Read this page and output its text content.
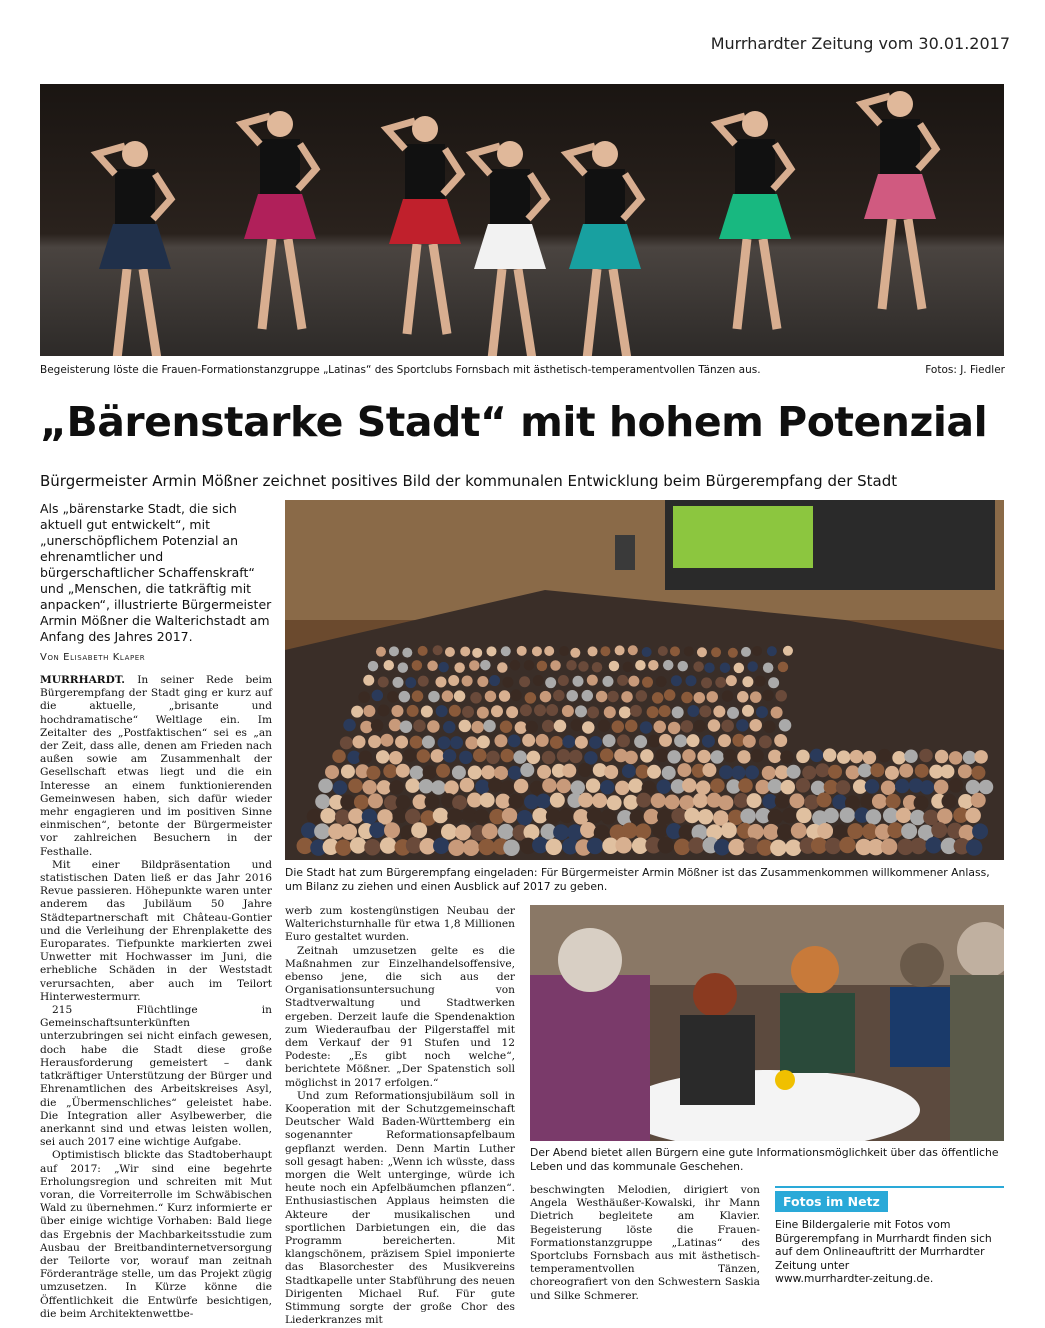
Murrhardter Zeitung vom 30.01.2017
Begeisterung löste die Frauen-Formationstanzgruppe „Latinas“ des Sportclubs Fornsbach mit ästhetisch-temperamentvollen Tänzen aus.	Fotos: J. Fiedler
„Bärenstarke Stadt“ mit hohem Potenzial
Bürgermeister Armin Mößner zeichnet positives Bild der kommunalen Entwicklung beim Bürgerempfang der Stadt
Als „bärenstarke Stadt, die sich aktuell gut entwickelt“, mit „unerschöpflichem Potenzial an ehrenamtlicher und bürgerschaftlicher Schaffenskraft“ und „Menschen, die tatkräftig mit anpacken“, illustrierte Bürgermeister Armin Mößner die Walterichstadt am Anfang des Jahres 2017.
Von Elisabeth Klaper

MURRHARDT. In seiner Rede beim Bürgerempfang der Stadt ging er kurz auf die aktuelle, „brisante und hochdramatische“ Weltlage ein. Im Zeitalter des „Postfaktischen“ sei es „an der Zeit, dass alle, denen am Frieden nach außen sowie am Zusammenhalt der Gesellschaft etwas liegt und die ein Interesse an einem funktionierenden Gemeinwesen haben, sich dafür wieder mehr engagieren und im positiven Sinne einmischen“, betonte der Bürgermeister vor zahlreichen Besuchern in der Festhalle.

Mit einer Bildpräsentation und statistischen Daten ließ er das Jahr 2016 Revue passieren. Höhepunkte waren unter anderem das Jubiläum 50 Jahre Städtepartnerschaft mit Château-Gontier und die Verleihung der Ehrenplakette des Europarates. Tiefpunkte markierten zwei Unwetter mit Hochwasser im Juni, die erhebliche Schäden in der Weststadt verursachten, aber auch im Teilort Hinterwestermurr.

215 Flüchtlinge in Gemeinschaftsunterkünften unterzubringen sei nicht einfach gewesen, doch habe die Stadt diese große Herausforderung gemeistert – dank tatkräftiger Unterstützung der Bürger und Ehrenamtlichen des Arbeitskreises Asyl, die „Übermenschliches“ geleistet habe. Die Integration aller Asylbewerber, die anerkannt sind und etwas leisten wollen, sei auch 2017 eine wichtige Aufgabe.

Optimistisch blickte das Stadtoberhaupt auf 2017: „Wir sind eine begehrte Erholungsregion und schreiten mit Mut voran, die Vorreiterrolle im Schwäbischen Wald zu übernehmen.“ Kurz informierte er über einige wichtige Vorhaben: Bald liege das Ergebnis der Machbarkeitsstudie zum Ausbau der Breitbandinternetversorgung der Teilorte vor, worauf man zeitnah Förderanträge stelle, um das Projekt zügig umzusetzen. In Kürze könne die Öffentlichkeit die Entwürfe besichtigen, die beim Architektenwettbe-

Die Stadt hat zum Bürgerempfang eingeladen: Für Bürgermeister Armin Mößner ist das Zusammenkommen willkommener Anlass, um Bilanz zu ziehen und einen Ausblick auf 2017 zu geben.

werb zum kostengünstigen Neubau der Walterichsturnhalle für etwa 1,8 Millionen Euro gestaltet wurden.

Zeitnah umzusetzen gelte es die Maßnahmen zur Einzelhandelsoffensive, ebenso jene, die sich aus der Organisationsuntersuchung von Stadtverwaltung und Stadtwerken ergeben. Derzeit laufe die Spendenaktion zum Wiederaufbau der Pilgerstaffel mit dem Verkauf der 91 Stufen und 12 Podeste: „Es gibt noch welche“, berichtete Mößner. „Der Spatenstich soll möglichst in 2017 erfolgen.“

Und zum Reformationsjubiläum soll in Kooperation mit der Schutzgemeinschaft Deutscher Wald Baden-Württemberg ein sogenannter Reformationsapfelbaum gepflanzt werden. Denn Martin Luther soll gesagt haben: „Wenn ich wüsste, dass morgen die Welt unterginge, würde ich heute noch ein Apfelbäumchen pflanzen“. Enthusiastischen Applaus heimsten die Akteure der musikalischen und sportlichen Darbietungen ein, die das Programm bereicherten. Mit klangschönem, präzisem Spiel imponierte das Blasorchester des Musikvereins Stadtkapelle unter Stabführung des neuen Dirigenten Michael Ruf. Für gute Stimmung sorgte der große Chor des Liederkranzes mit

Der Abend bietet allen Bürgern eine gute Informationsmöglichkeit über das öffentliche Leben und das kommunale Geschehen.

beschwingten Melodien, dirigiert von Angela Westhäußer-Kowalski, ihr Mann Dietrich begleitete am Klavier. Begeisterung löste die Frauen-Formationstanzgruppe „Latinas“ des Sportclubs Fornsbach aus mit ästhetisch-temperamentvollen Tänzen, choreografiert von den Schwestern Saskia und Silke Schmerer.

Fotos im Netz
Eine Bildergalerie mit Fotos vom Bürgerempfang in Murrhardt finden sich auf dem Onlineauftritt der Murrhardter Zeitung unter
www.murrhardter-zeitung.de.
